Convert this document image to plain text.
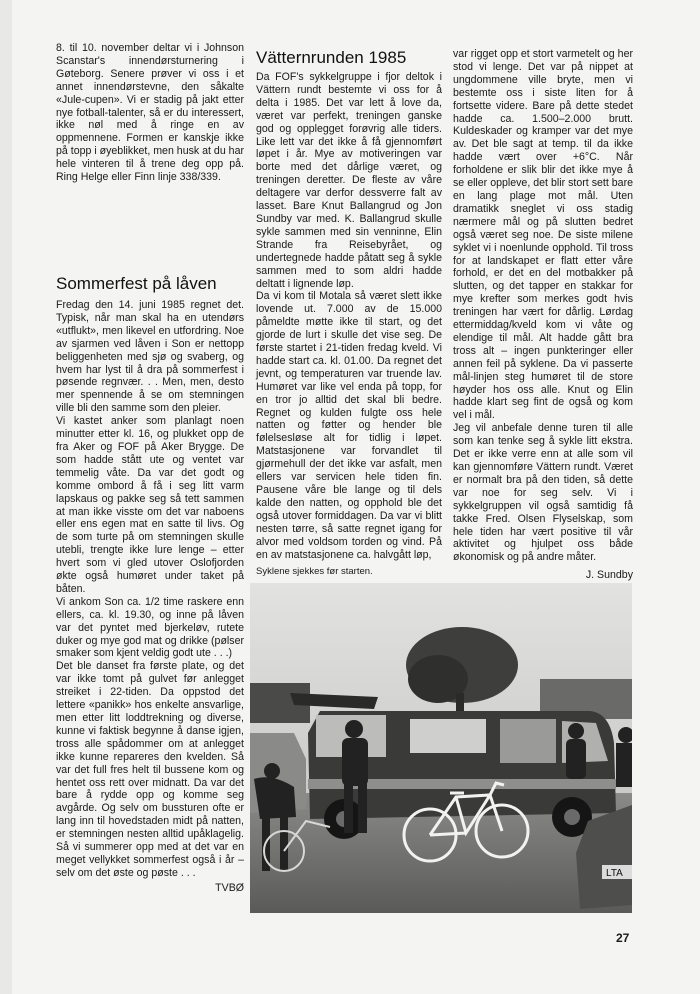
8. til 10. november deltar vi i Johnson Scanstar's innendørsturnering i Gøteborg. Senere prøver vi oss i et annet innendørstevne, den såkalte «Jule-cupen». Vi er stadig på jakt etter nye fotball-talenter, så er du interessert, ikke nøl med å ringe en av oppmennene. Formen er kanskje ikke på topp i øyeblikket, men husk at du har hele vinteren til å trene deg opp på. Ring Helge eller Finn linje 338/339.

Sommerfest på låven

Fredag den 14. juni 1985 regnet det. Typisk, når man skal ha en utendørs «utflukt», men likevel en utfordring. Noe av sjarmen ved låven i Son er nettopp beliggenheten med sjø og svaberg, og hvem har lyst til å dra på sommerfest i pøsende regnvær. . . Men, men, desto mer spennende å se om stemningen ville bli den samme som den pleier.

Vi kastet anker som planlagt noen minutter etter kl. 16, og plukket opp de fra Aker og FOF på Aker Brygge. De som hadde stått ute og ventet var temmelig våte. Da var det godt og komme ombord å få i seg litt varm lapskaus og pakke seg så tett sammen at man ikke visste om det var naboens eller ens egen mat en satte til livs. Og de som turte på om stemningen skulle utebli, trengte ikke lure lenge – etter hvert som vi gled utover Oslofjorden økte også humøret under taket på båten.

Vi ankom Son ca. 1/2 time raskere enn ellers, ca. kl. 19.30, og inne på låven var det pyntet med bjerkeløv, rutete duker og mye god mat og drikke (pølser smaker som kjent veldig godt ute . . .)

Det ble danset fra første plate, og det var ikke tomt på gulvet før anlegget streiket i 22-tiden. Da oppstod det lettere «panikk» hos enkelte ansvarlige, men etter litt loddtrekning og diverse, kunne vi faktisk begynne å danse igjen, tross alle spådommer om at anlegget ikke kunne repareres den kvelden. Så var det full fres helt til bussene kom og hentet oss rett over midnatt. Da var det bare å rydde opp og komme seg avgårde. Og selv om bussturen ofte er lang inn til hovedstaden midt på natten, er stemningen nesten alltid upåklagelig. Så vi summerer opp med at det var en meget vellykket sommerfest også i år – selv om det øste og pøste . . .

TVBØ

Vätternrunden 1985

Da FOF's sykkelgruppe i fjor deltok i Vättern rundt bestemte vi oss for å delta i 1985. Det var lett å love da, været var perfekt, treningen ganske god og opplegget forøvrig alle tiders. Like lett var det ikke å få gjennomført løpet i år. Mye av motiveringen var borte med det dårlige været, og treningen deretter. De fleste av våre deltagere var derfor dessverre falt av lasset. Bare Knut Ballangrud og Jon Sundby var med. K. Ballangrud skulle sykle sammen med sin venninne, Elin Strande fra Reisebyrået, og undertegnede hadde påtatt seg å sykle sammen med to som aldri hadde deltatt i lignende løp.

Da vi kom til Motala så været slett ikke lovende ut. 7.000 av de 15.000 påmeldte møtte ikke til start, og det gjorde de lurt i skulle det vise seg. De første startet i 21-tiden fredag kveld. Vi hadde start ca. kl. 01.00. Da regnet det jevnt, og temperaturen var truende lav. Humøret var like vel enda på topp, for en tror jo alltid det skal bli bedre. Regnet og kulden fulgte oss hele natten og føtter og hender ble følelsesløse alt for tidlig i løpet. Matstasjonene var forvandlet til gjørmehull der det ikke var asfalt, men ellers var servicen hele tiden fin. Pausene våre ble lange og til dels kalde den natten, og opphold ble det også utover formiddagen. Da var vi blitt nesten tørre, så satte regnet igang for alvor med voldsom torden og vind. På en av matstasjonene ca. halvgått løp,

var rigget opp et stort varmetelt og her stod vi lenge. Det var på nippet at ungdommene ville bryte, men vi bestemte oss i siste liten for å fortsette videre. Bare på dette stedet hadde ca. 1.500–2.000 brutt. Kuldeskader og kramper var det mye av. Det ble sagt at temp. til da ikke hadde vært over +6°C. Når forholdene er slik blir det ikke mye å se eller oppleve, det blir stort sett bare en lang plage mot mål. Uten dramatikk sneglet vi oss stadig nærmere mål og på slutten bedret også været seg noe. De siste milene syklet vi i noenlunde opphold. Til tross for at landskapet er flatt etter våre forhold, er det en del motbakker på slutten, og det tapper en stakkar for mye krefter som merkes godt hvis treningen har vært for dårlig. Lørdag ettermiddag/kveld kom vi våte og elendige til mål. Alt hadde gått bra tross alt – ingen punkteringer eller annen feil på syklene. Da vi passerte mål-linjen steg humøret til de store høyder hos oss alle. Knut og Elin hadde klart seg fint de også og kom vel i mål.

Jeg vil anbefale denne turen til alle som kan tenke seg å sykle litt ekstra. Det er ikke verre enn at alle som vil kan gjennomføre Vättern rundt. Været er normalt bra på den tiden, så dette var noe for seg selv. Vi i sykkelgruppen vil også samtidig få takke Fred. Olsen Flyselskap, som hele tiden har vært positive til vår aktivitet og hjulpet oss både økonomisk og på andre måter.

J. Sundby

Syklene sjekkes før starten.
LTA
27
